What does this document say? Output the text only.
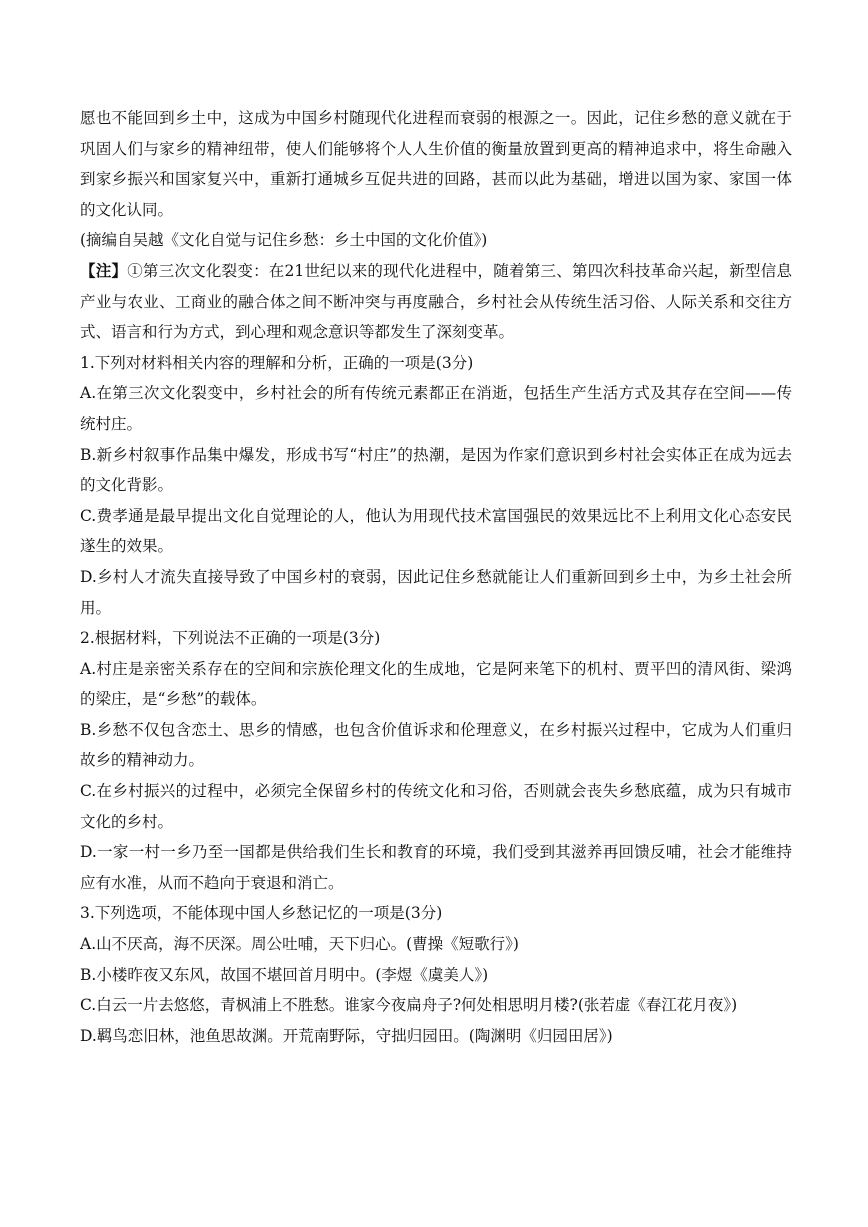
愿也不能回到乡土中，这成为中国乡村随现代化进程而衰弱的根源之一。因此，记住乡愁的意义就在于巩固人们与家乡的精神纽带，使人们能够将个人人生价值的衡量放置到更高的精神追求中，将生命融入到家乡振兴和国家复兴中，重新打通城乡互促共进的回路，甚而以此为基础，增进以国为家、家国一体的文化认同。

(摘编自吴越《文化自觉与记住乡愁：乡土中国的文化价值》)

【注】①第三次文化裂变：在21世纪以来的现代化进程中，随着第三、第四次科技革命兴起，新型信息产业与农业、工商业的融合体之间不断冲突与再度融合，乡村社会从传统生活习俗、人际关系和交往方式、语言和行为方式，到心理和观念意识等都发生了深刻变革。

1.下列对材料相关内容的理解和分析，正确的一项是(3分)

A.在第三次文化裂变中，乡村社会的所有传统元素都正在消逝，包括生产生活方式及其存在空间——传统村庄。

B.新乡村叙事作品集中爆发，形成书写“村庄”的热潮，是因为作家们意识到乡村社会实体正在成为远去的文化背影。

C.费孝通是最早提出文化自觉理论的人，他认为用现代技术富国强民的效果远比不上利用文化心态安民遂生的效果。

D.乡村人才流失直接导致了中国乡村的衰弱，因此记住乡愁就能让人们重新回到乡土中，为乡土社会所用。

2.根据材料，下列说法不正确的一项是(3分)

A.村庄是亲密关系存在的空间和宗族伦理文化的生成地，它是阿来笔下的机村、贾平凹的清风街、梁鸿的梁庄，是“乡愁”的载体。

B.乡愁不仅包含恋土、思乡的情感，也包含价值诉求和伦理意义，在乡村振兴过程中，它成为人们重归故乡的精神动力。

C.在乡村振兴的过程中，必须完全保留乡村的传统文化和习俗，否则就会丧失乡愁底蕴，成为只有城市文化的乡村。

D.一家一村一乡乃至一国都是供给我们生长和教育的环境，我们受到其滋养再回馈反哺，社会才能维持应有水准，从而不趋向于衰退和消亡。

3.下列选项，不能体现中国人乡愁记忆的一项是(3分)

A.山不厌高，海不厌深。周公吐哺，天下归心。(曹操《短歌行》)

B.小楼昨夜又东风，故国不堪回首月明中。(李煜《虞美人》)

C.白云一片去悠悠，青枫浦上不胜愁。谁家今夜扁舟子?何处相思明月楼?(张若虚《春江花月夜》)

D.羁鸟恋旧林，池鱼思故渊。开荒南野际，守拙归园田。(陶渊明《归园田居》)
